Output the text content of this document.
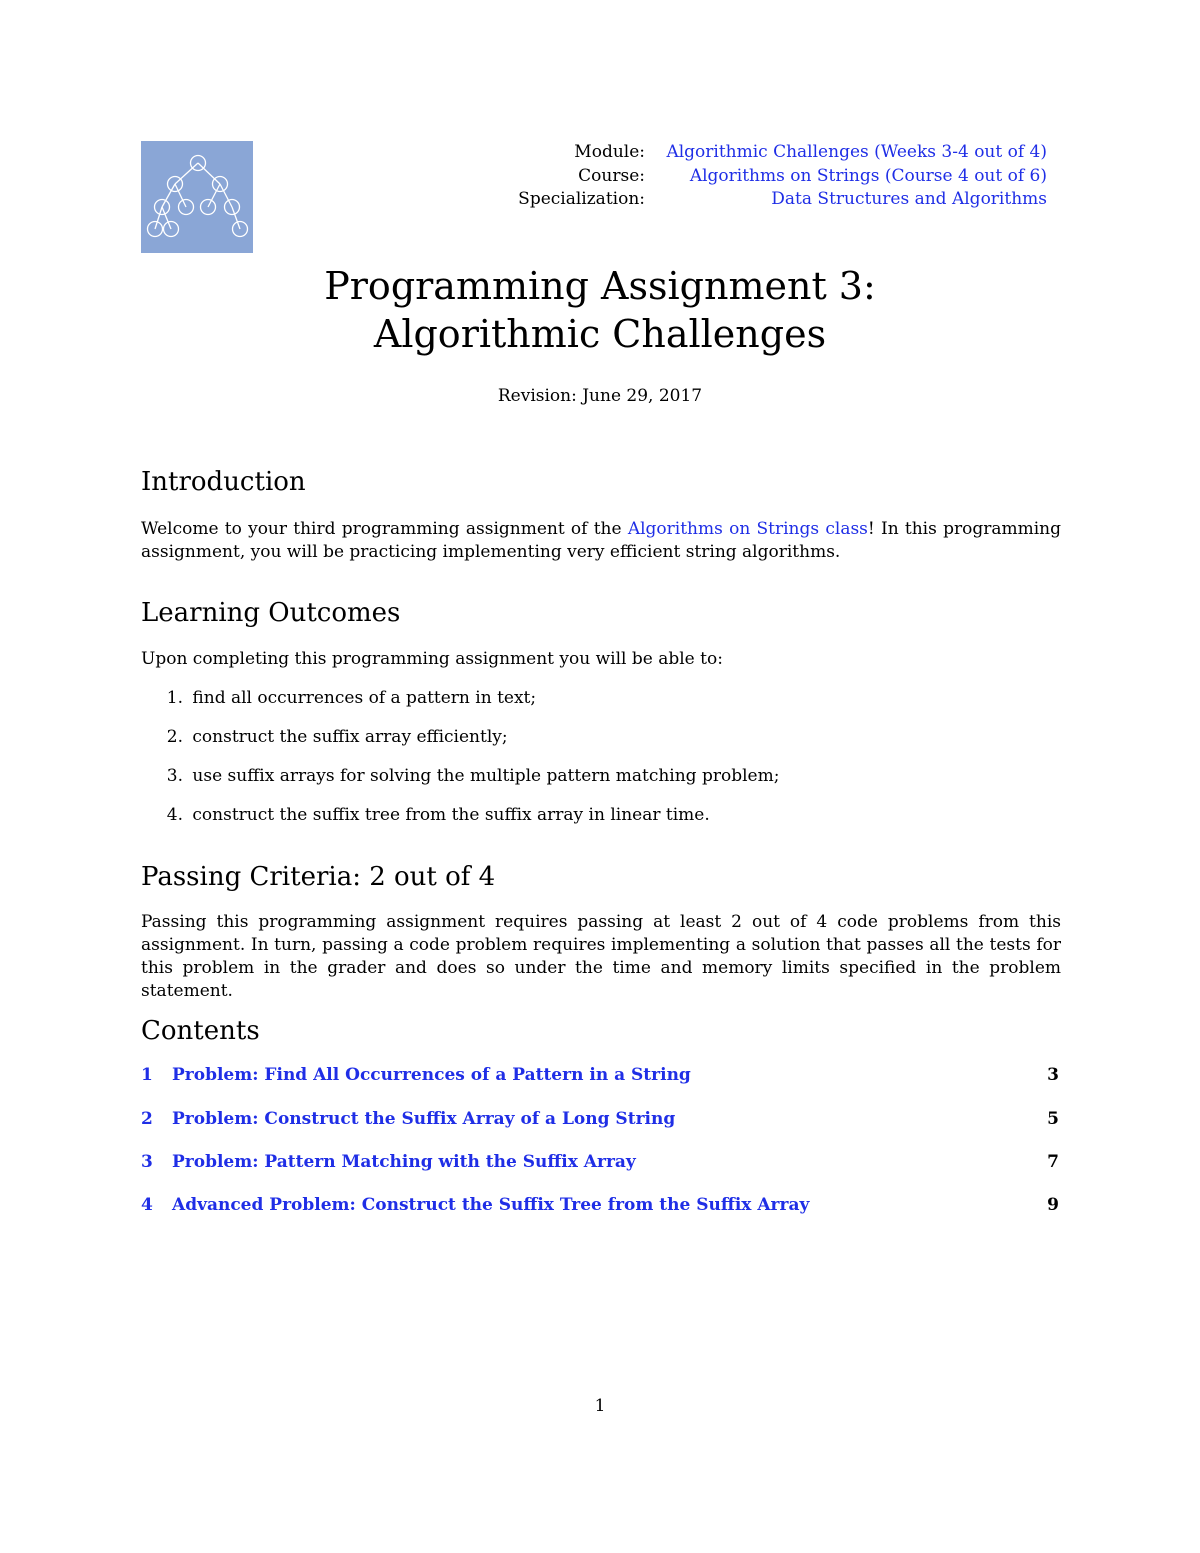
Module:	Algorithmic Challenges (Weeks 3-4 out of 4)
Course:	Algorithms on Strings (Course 4 out of 6)
Specialization:	Data Structures and Algorithms
Programming Assignment 3:
Algorithmic Challenges
Revision: June 29, 2017
Introduction
Welcome to your third programming assignment of the Algorithms on Strings class! In this programming assignment, you will be practicing implementing very efficient string algorithms.
Learning Outcomes
Upon completing this programming assignment you will be able to:
1. find all occurrences of a pattern in text;
2. construct the suffix array efficiently;
3. use suffix arrays for solving the multiple pattern matching problem;
4. construct the suffix tree from the suffix array in linear time.
Passing Criteria: 2 out of 4
Passing this programming assignment requires passing at least 2 out of 4 code problems from this assignment. In turn, passing a code problem requires implementing a solution that passes all the tests for this problem in the grader and does so under the time and memory limits specified in the problem statement.
Contents
1	Problem: Find All Occurrences of a Pattern in a String	3
2	Problem: Construct the Suffix Array of a Long String	5
3	Problem: Pattern Matching with the Suffix Array	7
4	Advanced Problem: Construct the Suffix Tree from the Suffix Array	9
1
